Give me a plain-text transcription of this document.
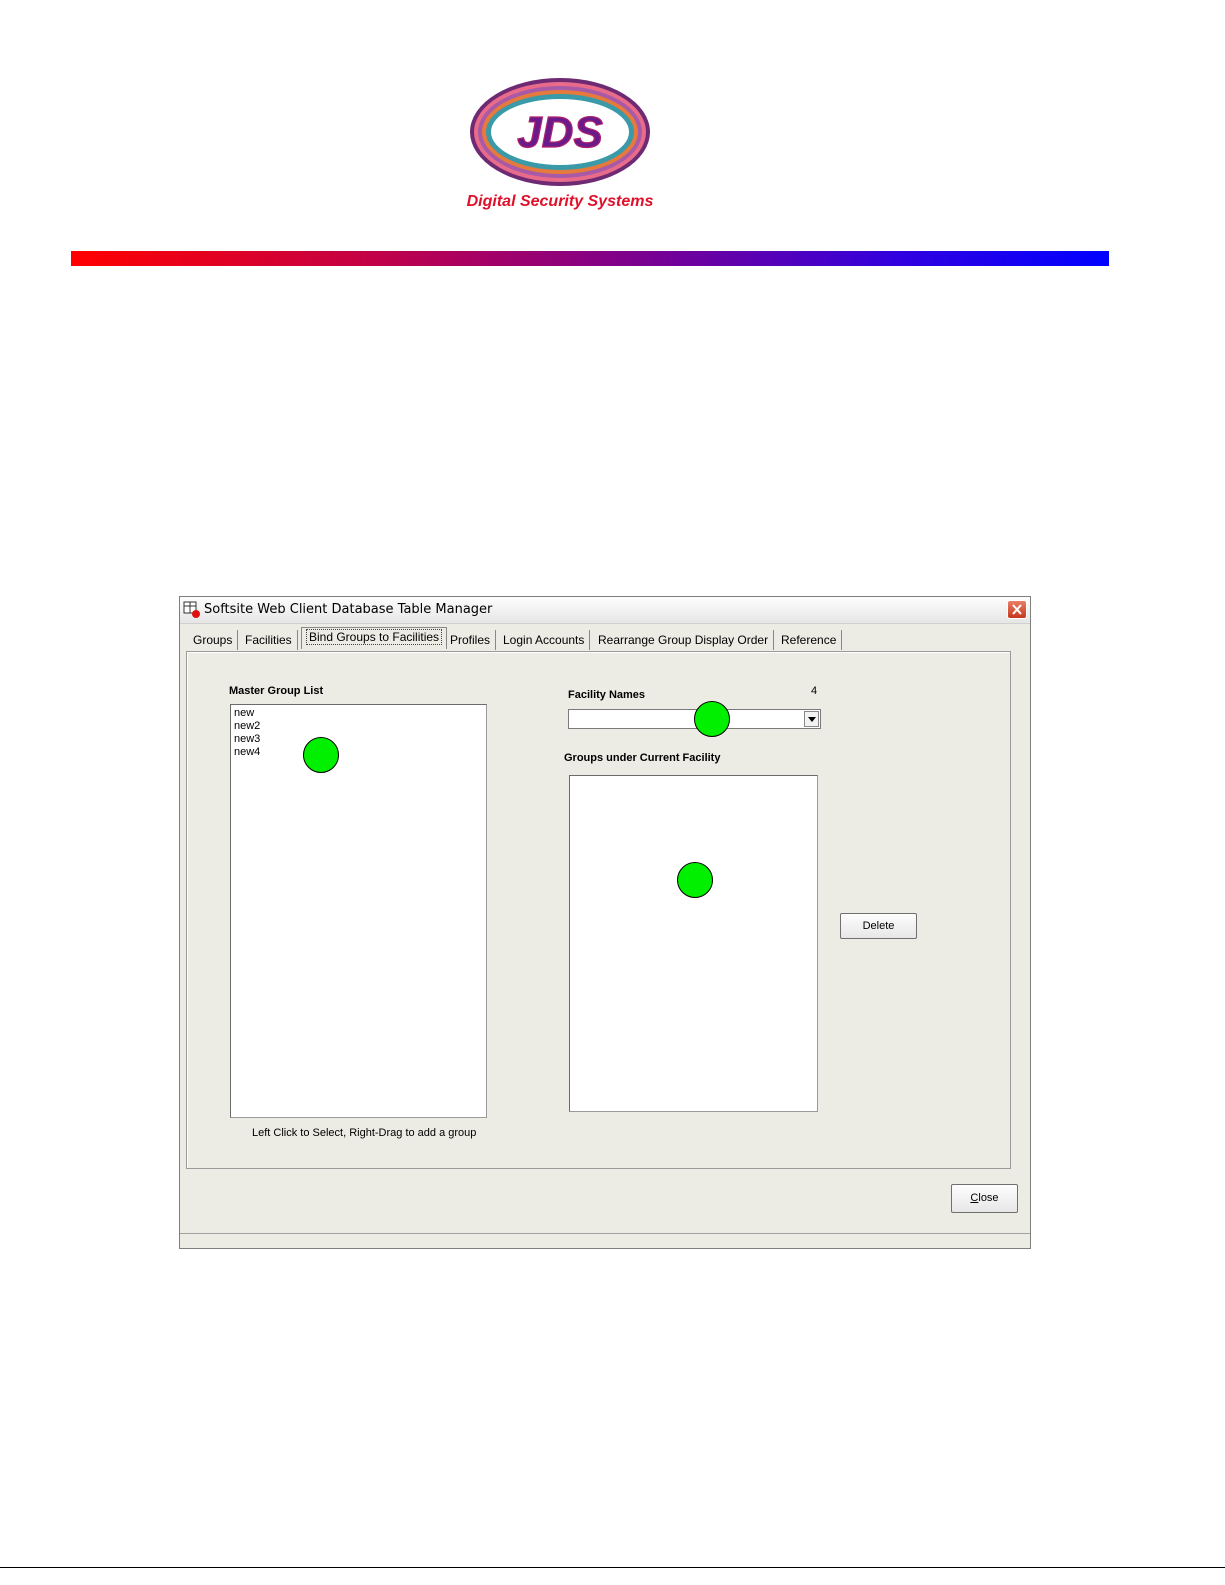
JDS
Digital Security Systems
Softsite Web Client Database Table Manager
Groups	Facilities	Bind Groups to Facilities Profiles	Login Accounts	Rearrange Group Display Order	Reference
Master Group List
new
new2
new3
new4
Left Click to Select, Right-Drag to add a group
Facility Names	4
Groups under Current Facility
Delete
Close
